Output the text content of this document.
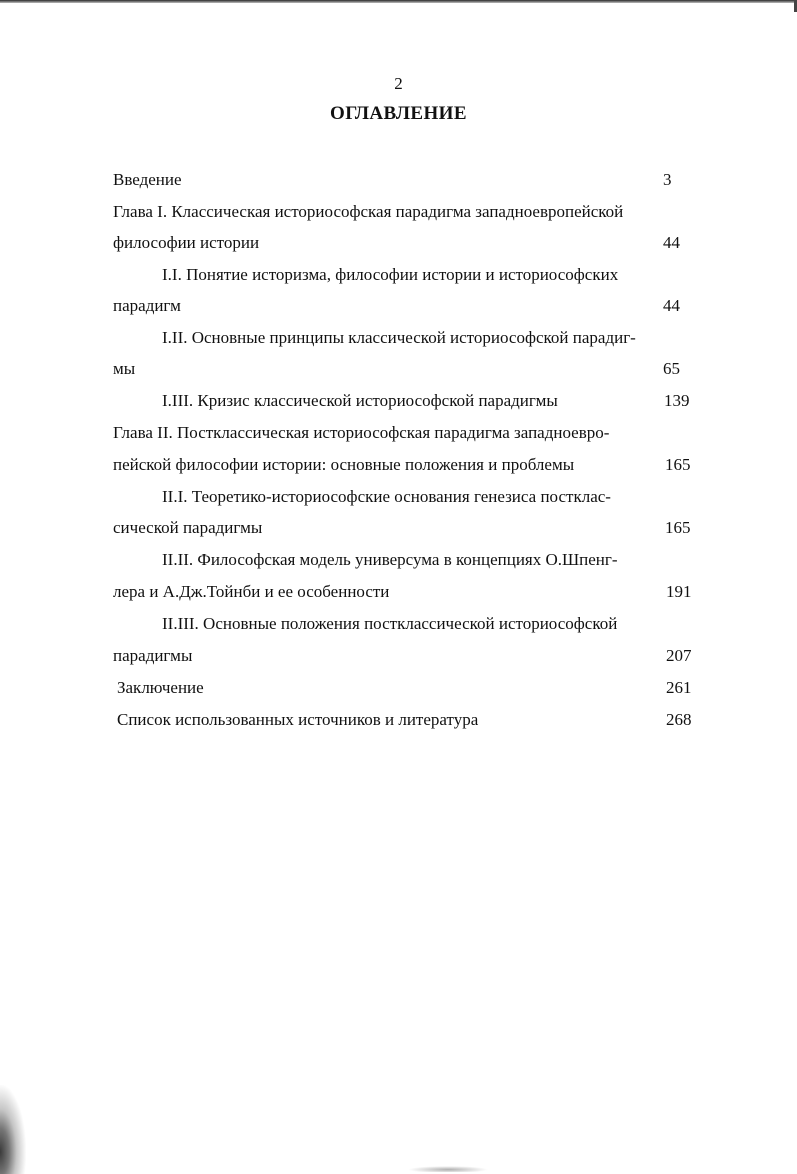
2
ОГЛАВЛЕНИЕ
Введение	3
Глава I. Классическая историософская парадигма западноевропейской
философии истории	44
I.I. Понятие историзма, философии истории и историософских
парадигм	44
I.II. Основные принципы классической историософской парадиг-
мы	65
I.III. Кризис классической историософской парадигмы	139
Глава II. Постклассическая историософская парадигма западноевро-
пейской философии истории: основные положения и проблемы	165
II.I. Теоретико-историософские основания генезиса постклас-
сической парадигмы	165
II.II. Философская модель универсума в концепциях О.Шпенг-
лера и А.Дж.Тойнби и ее особенности	191
II.III. Основные положения постклассической историософской
парадигмы	207
Заключение	261
Список использованных источников и литература	268
